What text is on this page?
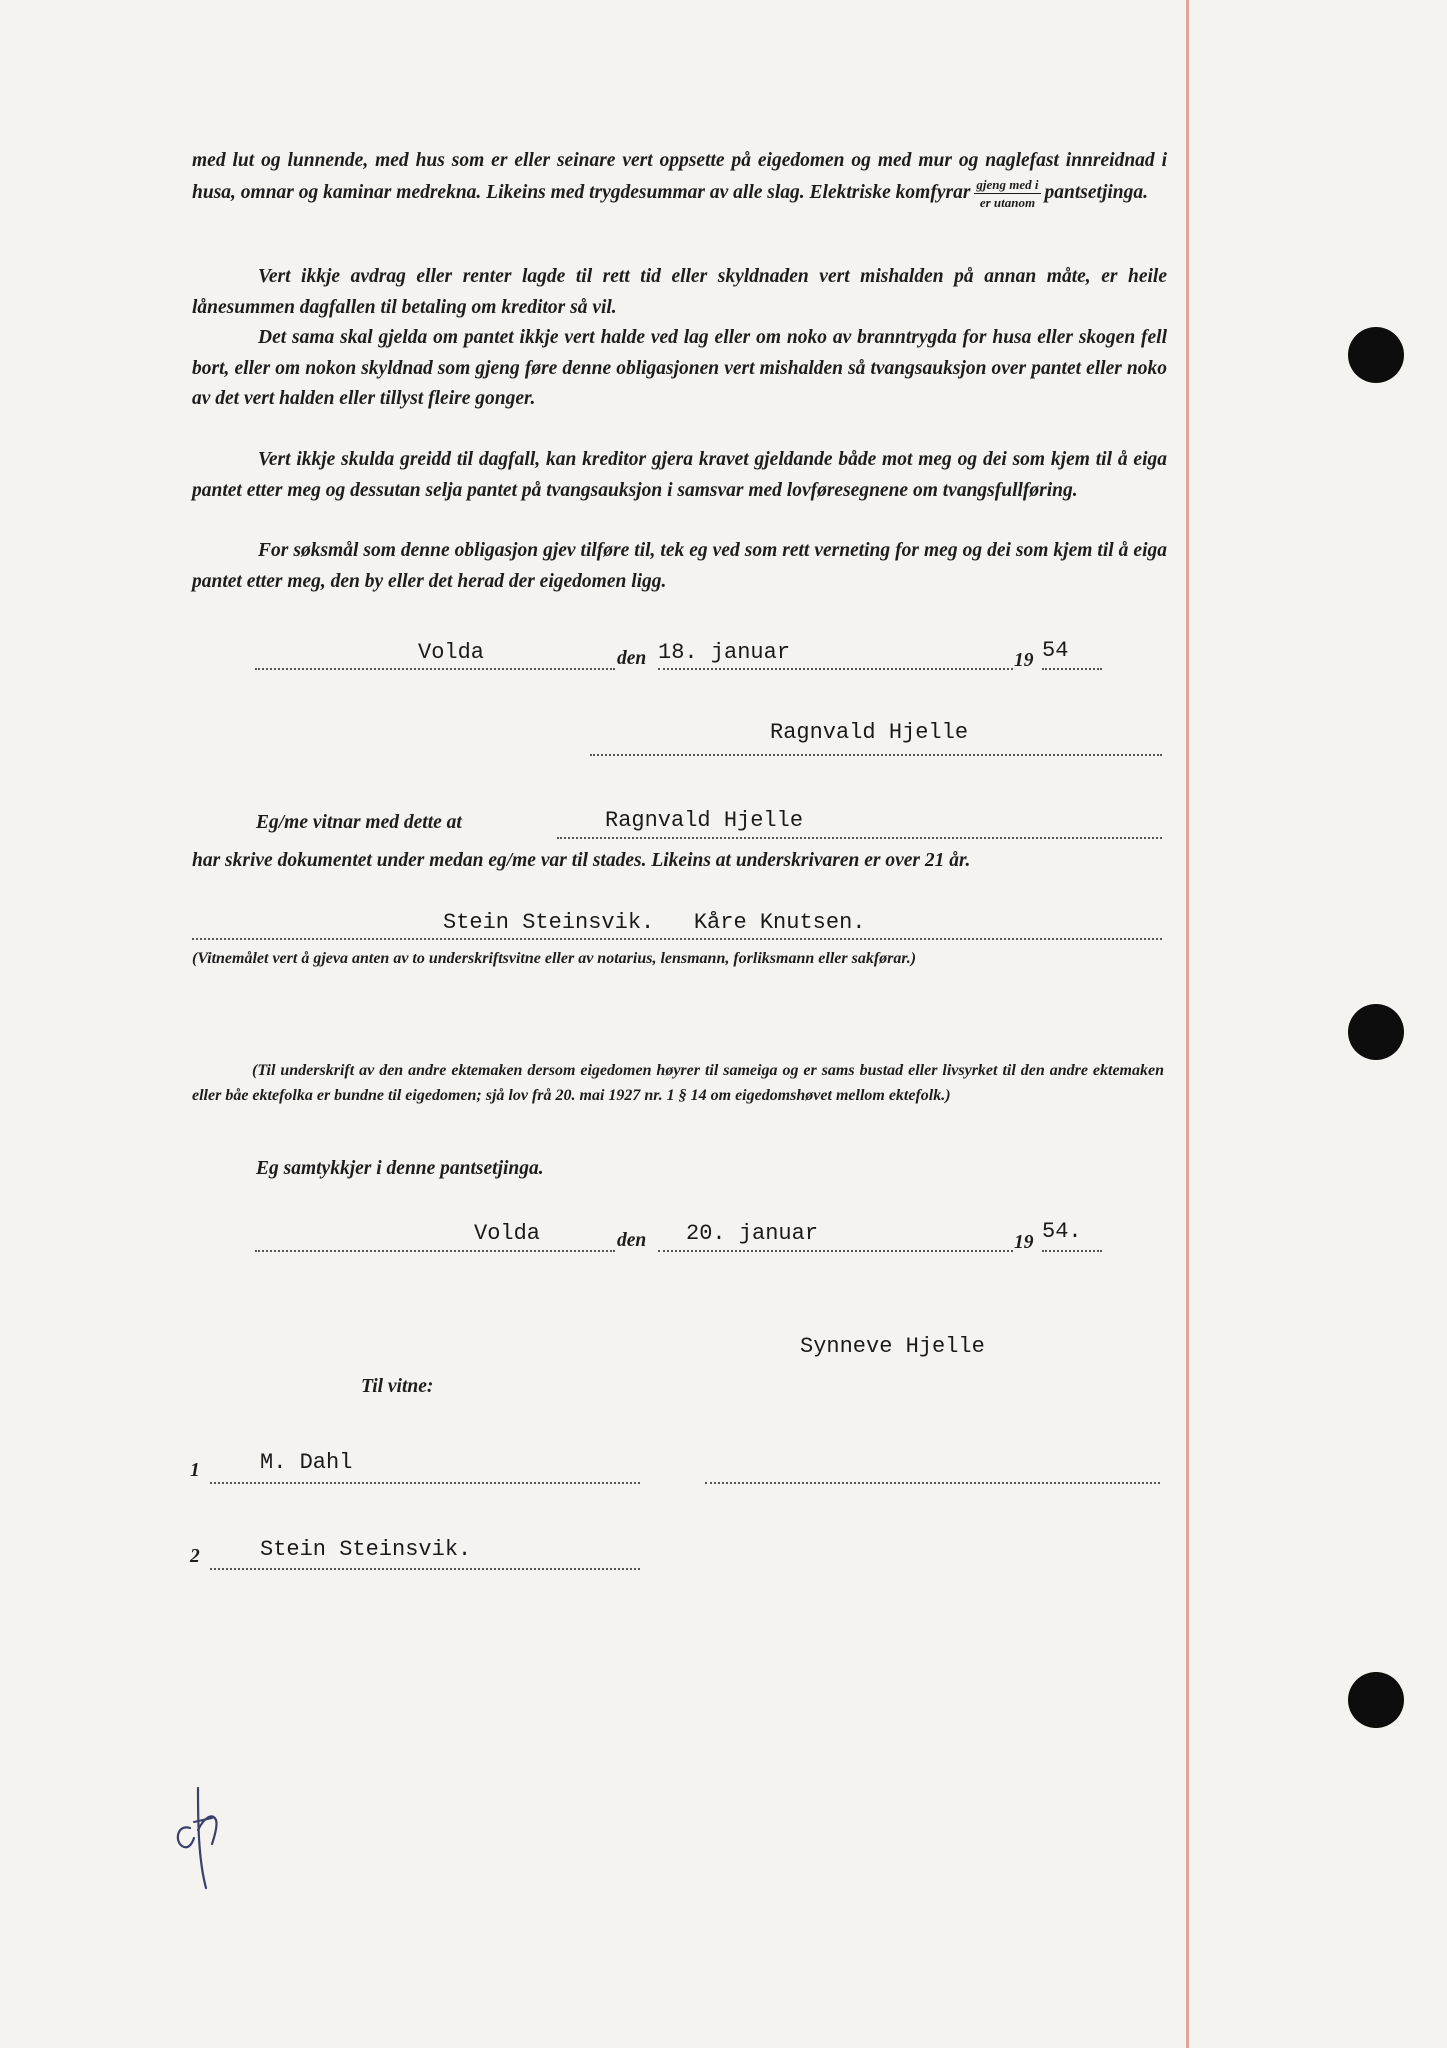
med lut og lunnende, med hus som er eller seinare vert oppsette på eigedomen og med mur og naglefast innreidnad i husa, omnar og kaminar medrekna. Likeins med trygdesummar av alle slag. Elektriske komfyrar $\frac{\text{gjeng med i}}{\text{er utanom}}$ pantsetjinga.

Vert ikkje avdrag eller renter lagde til rett tid eller skyldnaden vert mishalden på annan måte, er heile lånesummen dagfallen til betaling om kreditor så vil.

Det sama skal gjelda om pantet ikkje vert halde ved lag eller om noko av branntrygda for husa eller skogen fell bort, eller om nokon skyldnad som gjeng føre denne obligasjonen vert mishalden så tvangsauksjon over pantet eller noko av det vert halden eller tillyst fleire gonger.

Vert ikkje skulda greidd til dagfall, kan kreditor gjera kravet gjeldande både mot meg og dei som kjem til å eiga pantet etter meg og dessutan selja pantet på tvangsauksjon i samsvar med lovføresegnene om tvangsfullføring.

For søksmål som denne obligasjon gjev tilføre til, tek eg ved som rett verneting for meg og dei som kjem til å eiga pantet etter meg, den by eller det herad der eigedomen ligg.

Volda	den 18. januar	19 54
Ragnvald Hjelle
Eg/me vitnar med dette at	Ragnvald Hjelle

har skrive dokumentet under medan eg/me var til stades. Likeins at underskrivaren er over 21 år.

Stein Steinsvik.   Kåre Knutsen.

(Vitnemålet vert å gjeva anten av to underskriftsvitne eller av notarius, lensmann, forliksmann eller sakførar.)

(Til underskrift av den andre ektemaken dersom eigedomen høyrer til sameiga og er sams bustad eller livsyrket til den andre ektemaken eller båe ektefolka er bundne til eigedomen; sjå lov frå 20. mai 1927 nr. 1 § 14 om eigedomshøvet mellom ektefolk.)

Eg samtykkjer i denne pantsetjinga.
Volda	den 20. januar	19 54.
Synneve Hjelle
Til vitne:
1	M. Dahl
2	Stein Steinsvik.
